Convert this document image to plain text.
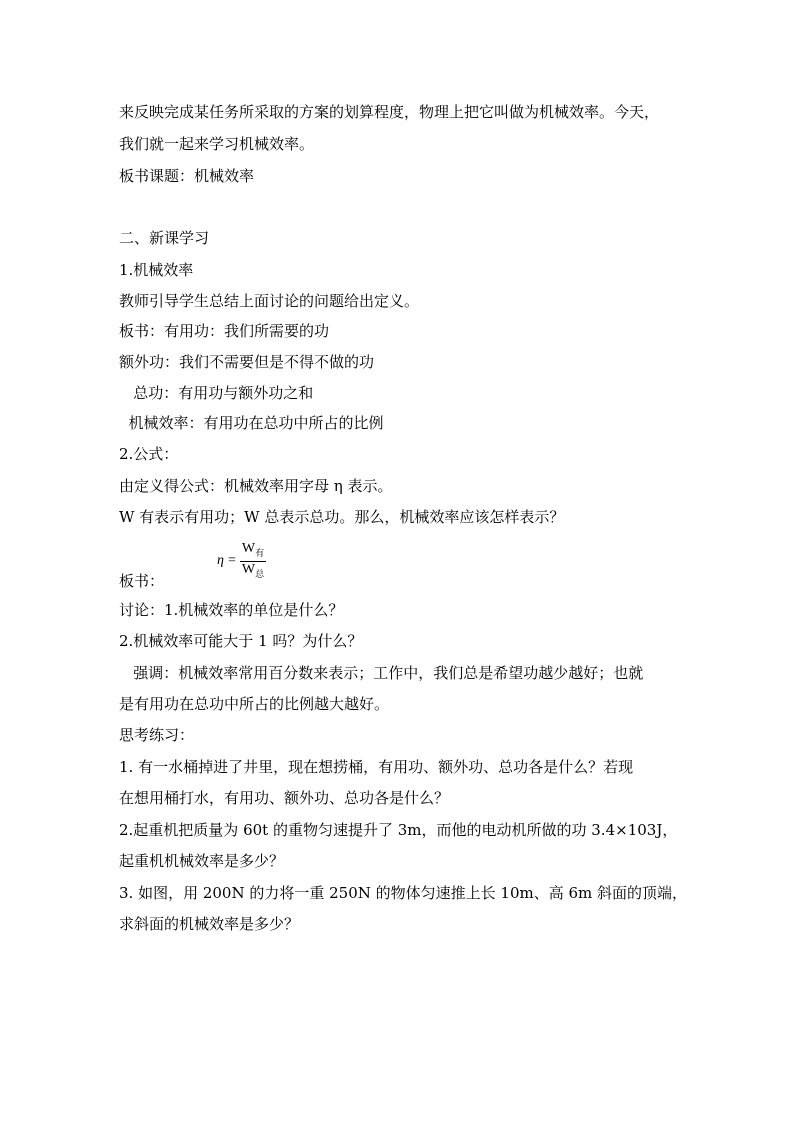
来反映完成某任务所采取的方案的划算程度，物理上把它叫做为机械效率。今天，
我们就一起来学习机械效率。
板书课题：机械效率
二、新课学习
1.机械效率
教师引导学生总结上面讨论的问题给出定义。
板书：有用功：我们所需要的功
额外功：我们不需要但是不得不做的功
总功：有用功与额外功之和
机械效率：有用功在总功中所占的比例
2.公式：
由定义得公式：机械效率用字母 η 表示。
W 有表示有用功；W 总表示总功。那么，机械效率应该怎样表示？
$\eta = \frac{W_有}{W_总}$
板书：
讨论：1.机械效率的单位是什么？
2.机械效率可能大于 1 吗？为什么？
强调：机械效率常用百分数来表示；工作中，我们总是希望功越少越好；也就
是有用功在总功中所占的比例越大越好。
思考练习：
1. 有一水桶掉进了井里，现在想捞桶，有用功、额外功、总功各是什么？若现
在想用桶打水，有用功、额外功、总功各是什么？
2.起重机把质量为 60t 的重物匀速提升了 3m，而他的电动机所做的功 3.4×103J，
起重机机械效率是多少？
3. 如图，用 200N 的力将一重 250N 的物体匀速推上长 10m、高 6m 斜面的顶端，
求斜面的机械效率是多少？
